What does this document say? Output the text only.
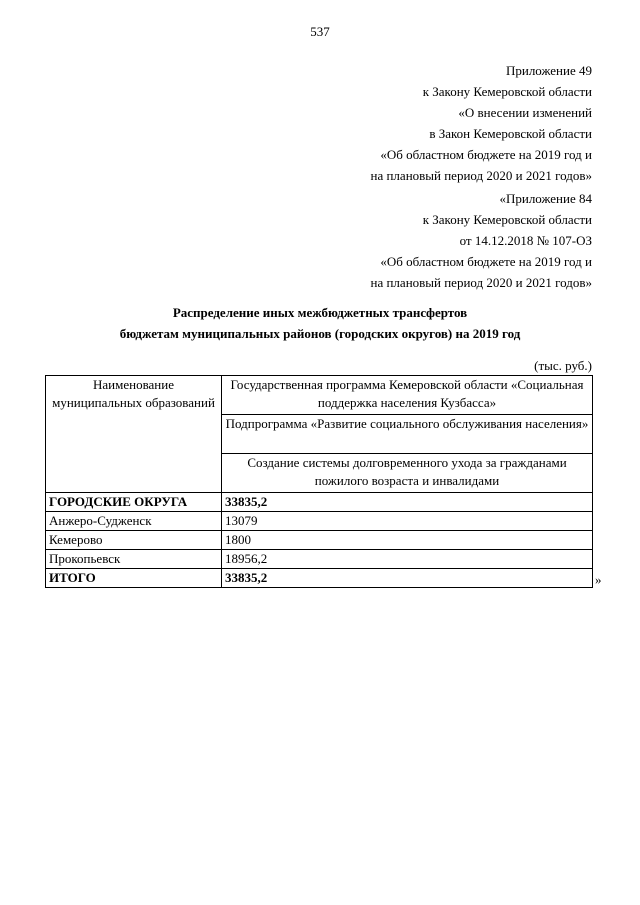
537
Приложение 49
к Закону Кемеровской области
«О внесении изменений
в Закон Кемеровской области
«Об областном бюджете на 2019 год и
на плановый период 2020 и 2021 годов»
«Приложение 84
к Закону Кемеровской области
от 14.12.2018 № 107-ОЗ
«Об областном бюджете на 2019 год и
на плановый период 2020 и 2021 годов»
Распределение иных межбюджетных трансфертов
бюджетам муниципальных районов (городских округов) на 2019 год
(тыс. руб.)
Наименование муниципальных образований	Государственная программа Кемеровской области «Социальная поддержка населения Кузбасса»
	Подпрограмма «Развитие социального обслуживания населения»
	Создание системы долговременного ухода за гражданами пожилого возраста и инвалидами
ГОРОДСКИЕ ОКРУГА	33835,2
Анжеро-Судженск	13079
Кемерово	1800
Прокопьевск	18956,2
ИТОГО	33835,2	»
